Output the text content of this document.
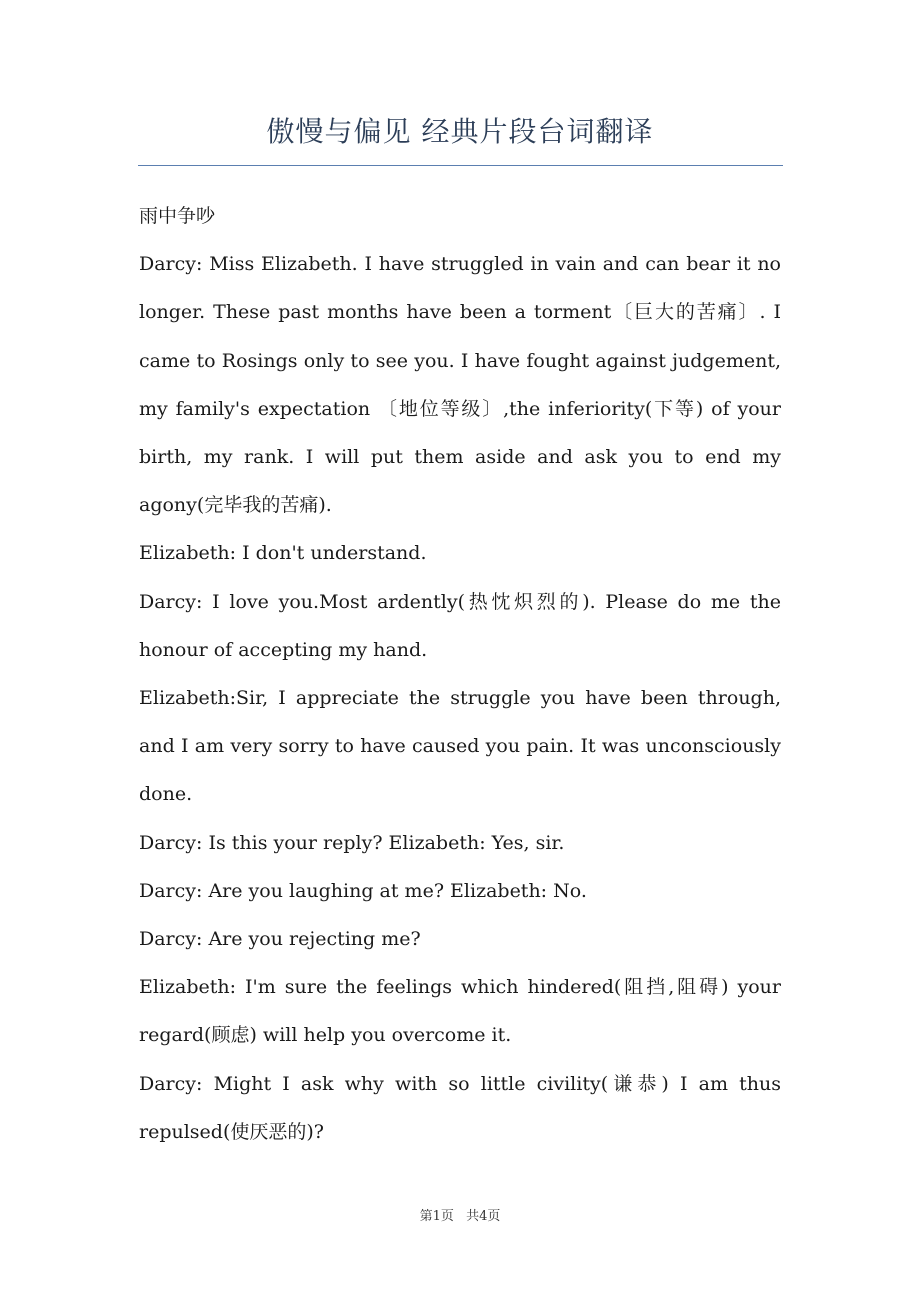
傲慢与偏见 经典片段台词翻译

雨中争吵

Darcy: Miss Elizabeth. I have struggled in vain and can bear it no longer. These past months have been a torment〔巨大的苦痛〕. I came to Rosings only to see you. I have fought against judgement, my family's expectation 〔地位等级〕,the inferiority(下等) of your birth, my rank. I will put them aside and ask you to end my agony(完毕我的苦痛).

Elizabeth: I don't understand.

Darcy: I love you.Most ardently(热忱炽烈的). Please do me the honour of accepting my hand.

Elizabeth:Sir, I appreciate the struggle you have been through, and I am very sorry to have caused you pain. It was unconsciously done.

Darcy: Is this your reply? Elizabeth: Yes, sir.

Darcy: Are you laughing at me? Elizabeth: No.

Darcy: Are you rejecting me?

Elizabeth: I'm sure the feelings which hindered(阻挡,阻碍) your regard(顾虑) will help you overcome it.

Darcy: Might I ask why with so little civility(谦恭) I am thus repulsed(使厌恶的)?

第1页 共4页
